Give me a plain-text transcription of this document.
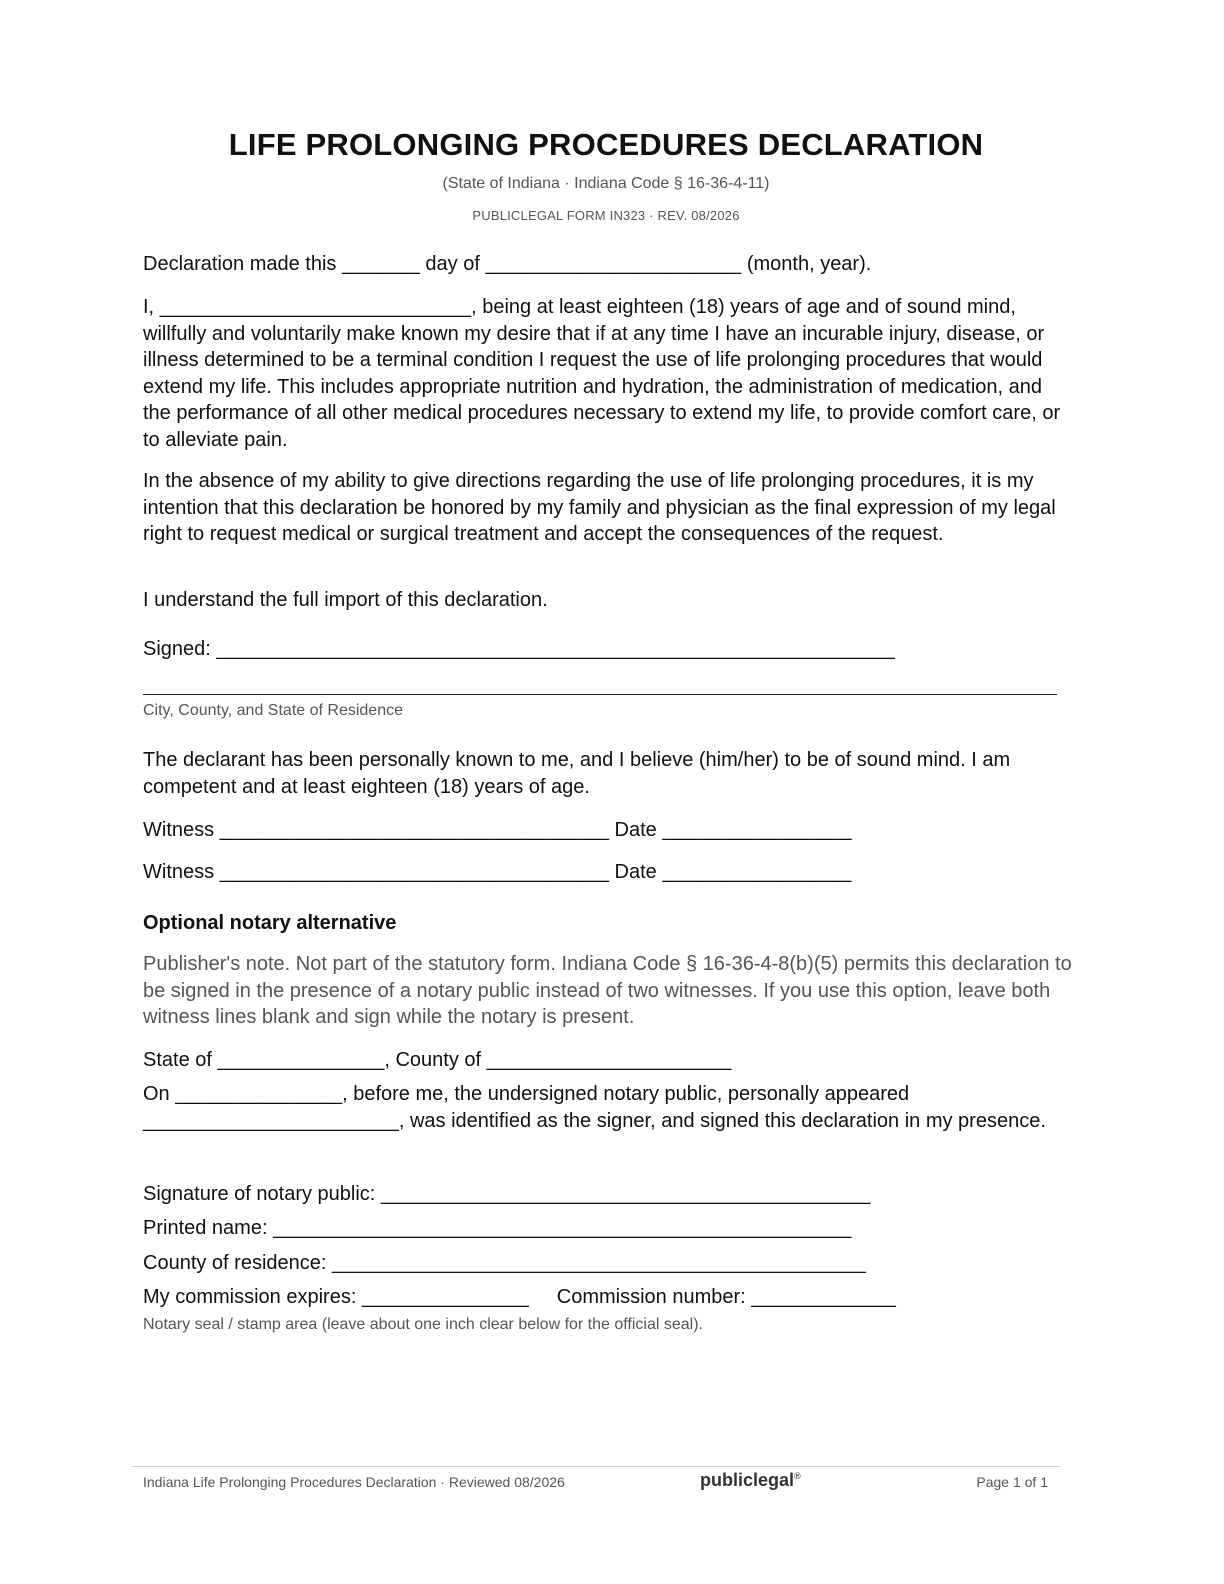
LIFE PROLONGING PROCEDURES DECLARATION
(State of Indiana · Indiana Code § 16-36-4-11)
PUBLICLEGAL FORM IN323 · REV. 08/2026
Declaration made this _______ day of _______________________ (month, year).

I, ____________________________, being at least eighteen (18) years of age and of sound mind, willfully and voluntarily make known my desire that if at any time I have an incurable injury, disease, or illness determined to be a terminal condition I request the use of life prolonging procedures that would extend my life. This includes appropriate nutrition and hydration, the administration of medication, and the performance of all other medical procedures necessary to extend my life, to provide comfort care, or to alleviate pain.

In the absence of my ability to give directions regarding the use of life prolonging procedures, it is my intention that this declaration be honored by my family and physician as the final expression of my legal right to request medical or surgical treatment and accept the consequences of the request.

I understand the full import of this declaration.
Signed: _____________________________________________________________
City, County, and State of Residence

The declarant has been personally known to me, and I believe (him/her) to be of sound mind. I am competent and at least eighteen (18) years of age.

Witness ___________________________________ Date _________________
Witness ___________________________________ Date _________________
Optional notary alternative

Publisher's note. Not part of the statutory form. Indiana Code § 16-36-4-8(b)(5) permits this declaration to be signed in the presence of a notary public instead of two witnesses. If you use this option, leave both witness lines blank and sign while the notary is present.

State of _______________, County of ______________________

On _______________, before me, the undersigned notary public, personally appeared _______________________, was identified as the signer, and signed this declaration in my presence.

Signature of notary public: ____________________________________________
Printed name: ____________________________________________________
County of residence: ________________________________________________
My commission expires: _______________ Commission number: _____________
Notary seal / stamp area (leave about one inch clear below for the official seal).
Indiana Life Prolonging Procedures Declaration · Reviewed 08/2026	publiclegal®	Page 1 of 1
